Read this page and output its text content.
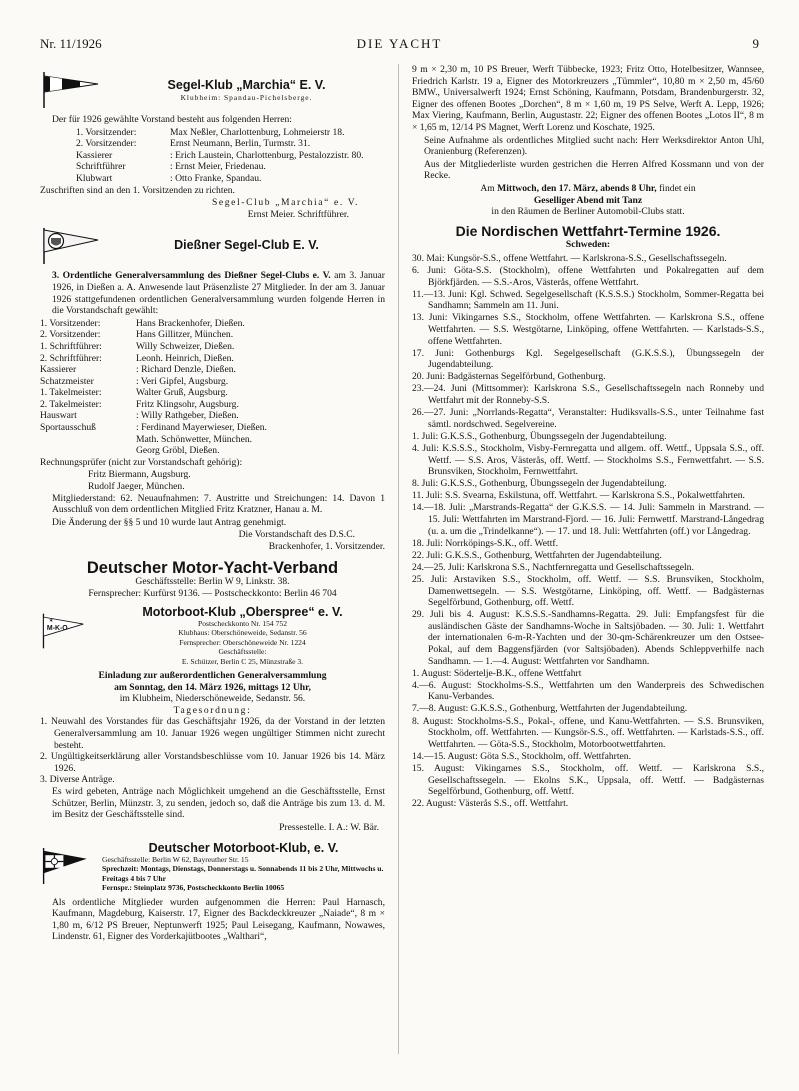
Nr. 11/1926	DIE YACHT	9
Segel-Klub „Marchia“ E. V.
Klubheim: Spandau-Pichelsberge.

Der für 1926 gewählte Vorstand besteht aus folgenden Herren:

1. Vorsitzender:	Max Neßler, Charlottenburg, Lohmeierstr 18.
2. Vorsitzender:	Ernst Neumann, Berlin, Turmstr. 31.
Kassierer	: Erich Laustein, Charlottenburg, Pestalozzistr. 80.
Schriftführer	: Ernst Meier, Friedenau.
Klubwart	: Otto Franke, Spandau.

Zuschriften sind an den 1. Vorsitzenden zu richten.

Segel-Club „Marchia“ e. V.
Ernst Meier. Schriftführer.
Dießner Segel-Club E. V.

3. Ordentliche Generalversammlung des Dießner Segel-Clubs e. V. am 3. Januar 1926, in Dießen a. A. Anwesende laut Präsenzliste 27 Mitglieder. In der am 3. Januar 1926 stattgefundenen ordentlichen Generalversammlung wurden folgende Herren in die Vorstandschaft gewählt:

1. Vorsitzender:	Hans Brackenhofer, Dießen.
2. Vorsitzender:	Hans Gillitzer, München.
1. Schriftführer:	Willy Schweizer, Dießen.
2. Schriftführer:	Leonh. Heinrich, Dießen.
Kassierer	: Richard Denzle, Dießen.
Schatzmeister	: Veri Gipfel, Augsburg.
1. Takelmeister:	Walter Gruß, Augsburg.
2. Takelmeister:	Fritz Klingsohr, Augsburg.
Hauswart	: Willy Rathgeber, Dießen.
Sportausschuß	: Ferdinand Mayerwieser, Dießen.
Math. Schönwetter, München.
Georg Gröbl, Dießen.

Rechnungsprüfer (nicht zur Vorstandschaft gehörig):

Fritz Biermann, Augsburg.
Rudolf Jaeger, München.

Mitgliederstand: 62. Neuaufnahmen: 7. Austritte und Streichungen: 14. Davon 1 Ausschluß von dem ordentlichen Mitglied Fritz Kratzner, Hanau a. M.

Die Änderung der §§ 5 und 10 wurde laut Antrag genehmigt.

Die Vorstandschaft des D.S.C.
Brackenhofer, 1. Vorsitzender.
Deutscher Motor-Yacht-Verband

Geschäftsstelle: Berlin W 9, Linkstr. 38.

Fernsprecher: Kurfürst 9136. — Postscheckkonto: Berlin 46 704

M-K-O
✶
Motorboot-Klub „Oberspree“ e. V.
Postscheckkonto Nr. 154 752
Klubhaus: Oberschöneweide, Sedanstr. 56
Fernsprecher: Oberschöneweide Nr. 1224
Geschäftsstelle:
E. Schützer, Berlin C 25, Münzstraße 3.
Einladung zur außerordentlichen Generalversammlung
am Sonntag, den 14. März 1926, mittags 12 Uhr,
im Klubheim, Niederschöneweide, Sedanstr. 56.
Tagesordnung:

1. Neuwahl des Vorstandes für das Geschäftsjahr 1926, da der Vorstand in der letzten Generalversammlung am 10. Januar 1926 wegen ungültiger Stimmen nicht zurecht besteht.

2. Ungültigkeitserklärung aller Vorstandsbeschlüsse vom 10. Januar 1926 bis 14. März 1926.

3. Diverse Anträge.

Es wird gebeten, Anträge nach Möglichkeit umgehend an die Geschäftsstelle, Ernst Schützer, Berlin, Münzstr. 3, zu senden, jedoch so, daß die Anträge bis zum 13. d. M. im Besitz der Geschäftsstelle sind.

Pressestelle. I. A.: W. Bär.
Deutscher Motorboot-Klub, e. V.
Geschäftsstelle: Berlin W 62, Bayreuther Str. 15
Sprechzeit: Montags, Dienstags, Donnerstags u. Sonnabends 11 bis 2 Uhr, Mittwochs u. Freitags 4 bis 7 Uhr
Fernspr.: Steinplatz 9736, Postscheckkonto Berlin 10065

Als ordentliche Mitglieder wurden aufgenommen die Herren: Paul Harnasch, Kaufmann, Magdeburg, Kaiserstr. 17, Eigner des Backdeckkreuzer „Naiade“, 8 m × 1,80 m, 6/12 PS Breuer, Neptunwerft 1925; Paul Leisegang, Kaufmann, Nowawes, Lindenstr. 61, Eigner des Vorderkajütbootes „Walthari“,

9 m × 2,30 m, 10 PS Breuer, Werft Tübbecke, 1923; Fritz Otto, Hotelbesitzer, Wannsee, Friedrich Karlstr. 19 a, Eigner des Motorkreuzers „Tümmler“, 10,80 m × 2,50 m, 45/60 BMW., Universalwerft 1924; Ernst Schöning, Kaufmann, Potsdam, Brandenburgerstr. 32, Eigner des offenen Bootes „Dorchen“, 8 m × 1,60 m, 19 PS Selve, Werft A. Lepp, 1926; Max Viering, Kaufmann, Berlin, Augustastr. 22; Eigner des offenen Bootes „Lotos II“, 8 m × 1,65 m, 12/14 PS Magnet, Werft Lorenz und Koschate, 1925.

Seine Aufnahme als ordentliches Mitglied sucht nach: Herr Werksdirektor Anton Uhl, Oranienburg (Referenzen).

Aus der Mitgliederliste wurden gestrichen die Herren Alfred Kossmann und von der Recke.

Am Mittwoch, den 17. März, abends 8 Uhr, findet ein
Geselliger Abend mit Tanz
in den Räumen de Berliner Automobil-Clubs statt.
Die Nordischen Wettfahrt-Termine 1926.
Schweden:

30. Mai: Kungsör-S.S., offene Wettfahrt. — Karlskrona-S.S., Gesellschaftssegeln.

6. Juni: Göta-S.S. (Stockholm), offene Wettfahrten und Pokalregatten auf dem Björkfjärden. — S.S.-Aros, Västerås, offene Wettfahrt.

11.—13. Juni: Kgl. Schwed. Segelgesellschaft (K.S.S.S.) Stockholm, Sommer-Regatta bei Sandhamn; Sammeln am 11. Juni.

13. Juni: Vikingarnes S.S., Stockholm, offene Wettfahrten. — Karlskrona S.S., offene Wettfahrten. — S.S. Westgötarne, Linköping, offene Wettfahrten. — Karlstads-S.S., offene Wettfahrten.

17. Juni: Gothenburgs Kgl. Segelgesellschaft (G.K.S.S.), Übungssegeln der Jugendabteilung.

20. Juni: Badgästernas Segelförbund, Gothenburg.

23.—24. Juni (Mittsommer): Karlskrona S.S., Gesellschaftssegeln nach Ronneby und Wettfahrt mit der Ronneby-S.S.

26.—27. Juni: „Norrlands-Regatta“, Veranstalter: Hudiksvalls-S.S., unter Teilnahme fast sämtl. nordschwed. Segelvereine.

1. Juli: G.K.S.S., Gothenburg, Übungssegeln der Jugendabteilung.

4. Juli: K.S.S.S., Stockholm, Visby-Fernregatta und allgem. off. Wettf., Uppsala S.S., off. Wettf. — S.S. Aros, Västerås, off. Wettf. — Stockholms S.S., Fernwettfahrt. — S.S. Brunsviken, Stockholm, Fernwettfahrt.

8. Juli: G.K.S.S., Gothenburg, Übungssegeln der Jugendabteilung.

11. Juli: S.S. Svearna, Eskilstuna, off. Wettfahrt. — Karlskrona S.S., Pokalwettfahrten.

14.—18. Juli: „Marstrands-Regatta“ der G.K.S.S. — 14. Juli: Sammeln in Marstrand. — 15. Juli: Wettfahrten im Marstrand-Fjord. — 16. Juli: Fernwettf. Marstrand-Långedrag (u. a. um die „Trindelkanne“). — 17. und 18. Juli: Wettfahrten (off.) vor Långedrag.

18. Juli: Norrköpings-S.K., off. Wettf.

22. Juli: G.K.S.S., Gothenburg, Wettfahrten der Jugendabteilung.

24.—25. Juli: Karlskrona S.S., Nachtfernregatta und Gesellschaftssegeln.

25. Juli: Arstaviken S.S., Stockholm, off. Wettf. — S.S. Brunsviken, Stockholm, Damenwettsegeln. — S.S. Westgötarne, Linköping, off. Wettf. — Badgästernas Segelförbund, Gothenburg, off. Wettf.

29. Juli bis 4. August: K.S.S.S.-Sandhamns-Regatta. 29. Juli: Empfangsfest für die ausländischen Gäste der Sandhamns-Woche in Saltsjöbaden. — 30. Juli: 1. Wettfahrt der internationalen 6-m-R-Yachten und der 30-qm-Schärenkreuzer um den Ostsee-Pokal, auf dem Baggensfjärden (vor Saltsjöbaden). Abends Schleppverhilfe nach Sandhamn. — 1.—4. August: Wettfahrten vor Sandhamn.

1. August: Södertelje-B.K., offene Wettfahrt

4.—6. August: Stockholms-S.S., Wettfahrten um den Wanderpreis des Schwedischen Kanu-Verbandes.

7.—8. August: G.K.S.S., Gothenburg, Wettfahrten der Jugendabteilung.

8. August: Stockholms-S.S., Pokal-, offene, und Kanu-Wettfahrten. — S.S. Brunsviken, Stockholm, off. Wettfahrten. — Kungsör-S.S., off. Wettfahrten. — Karlstads-S.S., off. Wettfahrten. — Göta-S.S., Stockholm, Motorbootwettfahrten.

14.—15. August: Göta S.S., Stockholm, off. Wettfahrten.

15. August: Vikingarnes S.S., Stockholm, off. Wettf. — Karlskrona S.S., Gesellschaftssegeln. — Ekolns S.K., Uppsala, off. Wettf. — Badgästernas Segelförbund, Gothenburg, off. Wettf.

22. August: Västerås S.S., off. Wettfahrt.
